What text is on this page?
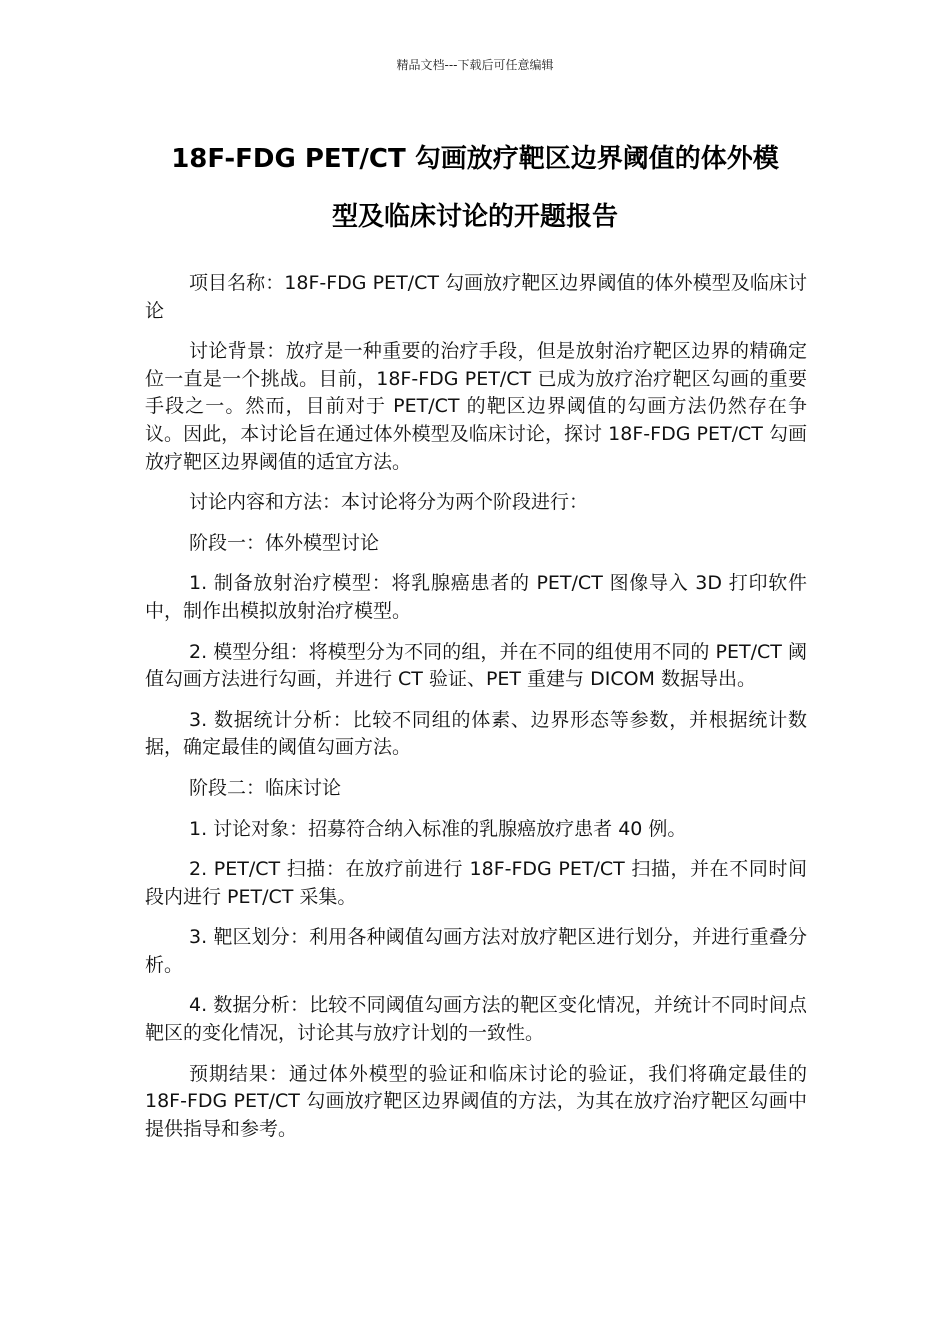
精品文档---下载后可任意编辑
18F-FDG PET/CT 勾画放疗靶区边界阈值的体外模
型及临床讨论的开题报告

项目名称：18F-FDG PET/CT 勾画放疗靶区边界阈值的体外模型及临床讨论

讨论背景：放疗是一种重要的治疗手段，但是放射治疗靶区边界的精确定位一直是一个挑战。目前，18F-FDG PET/CT 已成为放疗治疗靶区勾画的重要手段之一。然而，目前对于 PET/CT 的靶区边界阈值的勾画方法仍然存在争议。因此，本讨论旨在通过体外模型及临床讨论，探讨 18F-FDG PET/CT 勾画放疗靶区边界阈值的适宜方法。

讨论内容和方法：本讨论将分为两个阶段进行：

阶段一：体外模型讨论

1. 制备放射治疗模型：将乳腺癌患者的 PET/CT 图像导入 3D 打印软件中，制作出模拟放射治疗模型。

2. 模型分组：将模型分为不同的组，并在不同的组使用不同的 PET/CT 阈值勾画方法进行勾画，并进行 CT 验证、PET 重建与 DICOM 数据导出。

3. 数据统计分析：比较不同组的体素、边界形态等参数，并根据统计数据，确定最佳的阈值勾画方法。

阶段二：临床讨论

1. 讨论对象：招募符合纳入标准的乳腺癌放疗患者 40 例。

2. PET/CT 扫描：在放疗前进行 18F-FDG PET/CT 扫描，并在不同时间段内进行 PET/CT 采集。

3. 靶区划分：利用各种阈值勾画方法对放疗靶区进行划分，并进行重叠分析。

4. 数据分析：比较不同阈值勾画方法的靶区变化情况，并统计不同时间点靶区的变化情况，讨论其与放疗计划的一致性。

预期结果：通过体外模型的验证和临床讨论的验证，我们将确定最佳的 18F-FDG PET/CT 勾画放疗靶区边界阈值的方法，为其在放疗治疗靶区勾画中提供指导和参考。
